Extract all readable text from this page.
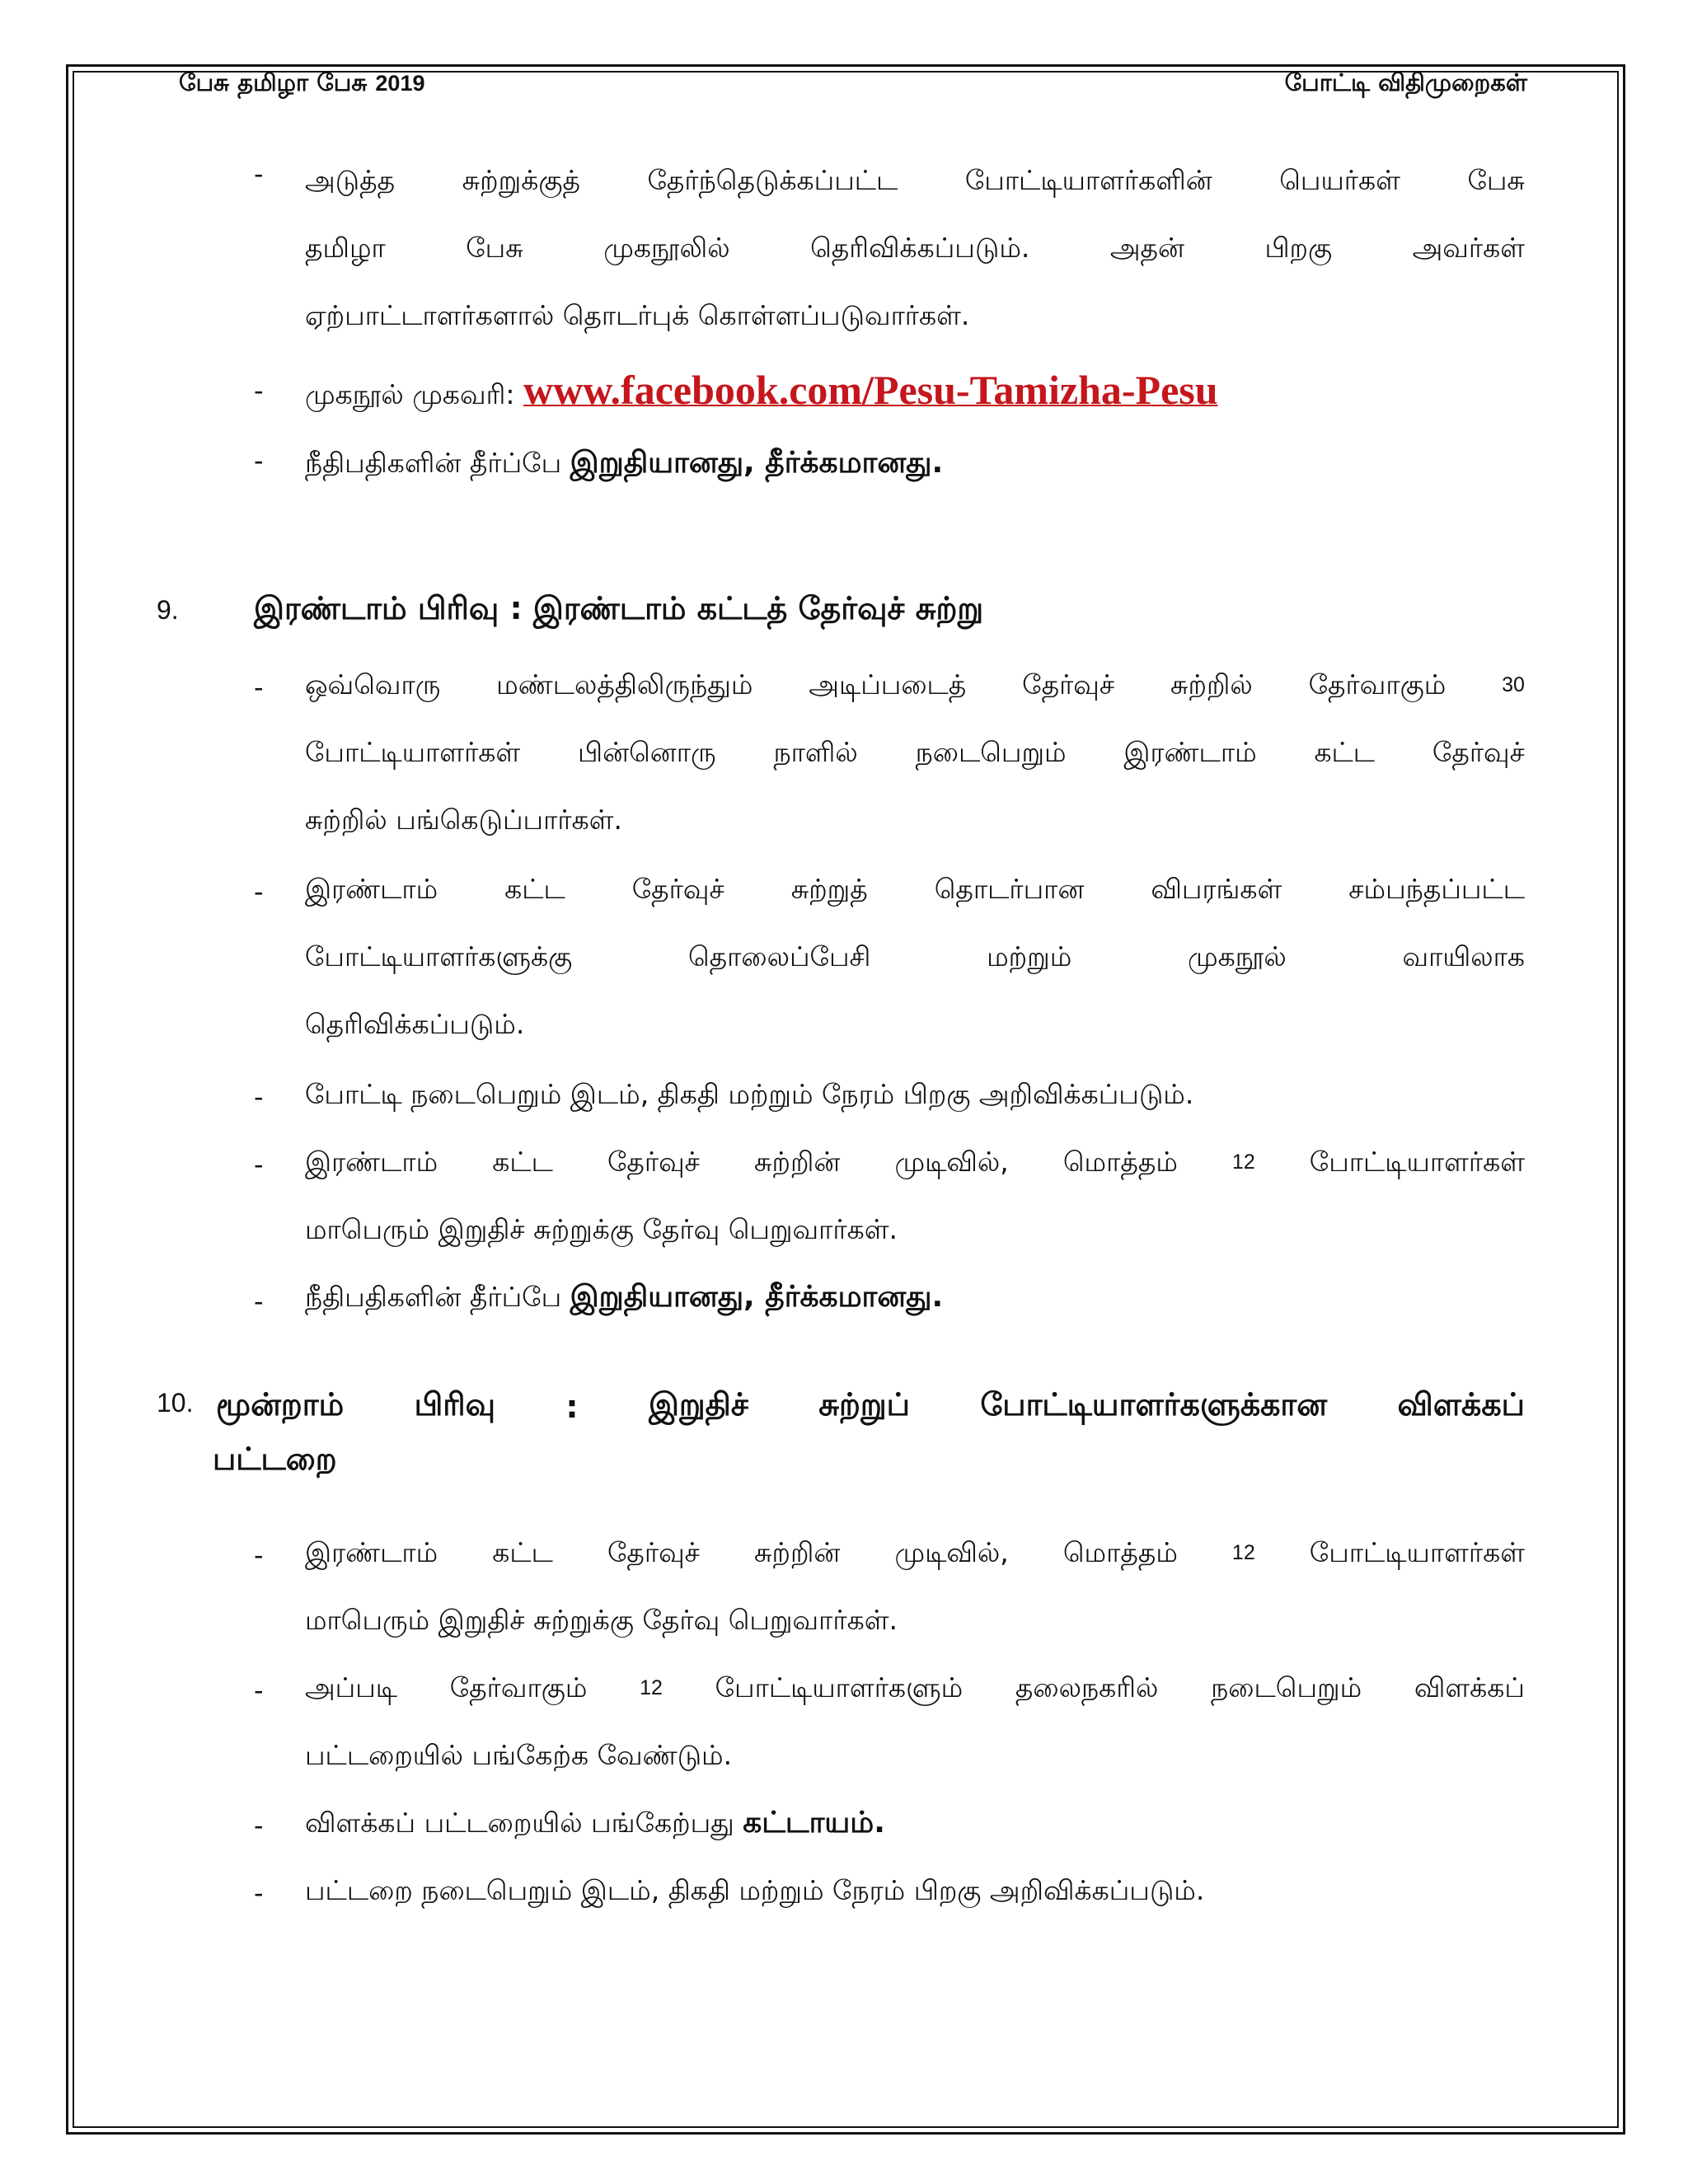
பேசு தமிழா பேசு 2019	போட்டி விதிமுறைகள்
- அடுத்த சுற்றுக்குத் தேர்ந்தெடுக்கப்பட்ட போட்டியாளர்களின் பெயர்கள் பேசு
தமிழா	பேசு	முகநூலில்	தெரிவிக்கப்படும்.	அதன்	பிறகு	அவர்கள்
ஏற்பாட்டாளர்களால் தொடர்புக் கொள்ளப்படுவார்கள்.
- முகநூல் முகவரி: www.facebook.com/Pesu-Tamizha-Pesu
- நீதிபதிகளின் தீர்ப்பே இறுதியானது, தீர்க்கமானது.
9. இரண்டாம் பிரிவு : இரண்டாம் கட்டத் தேர்வுச் சுற்று
- ஒவ்வொரு மண்டலத்திலிருந்தும் அடிப்படைத் தேர்வுச் சுற்றில் தேர்வாகும்	30
போட்டியாளர்கள் பின்னொரு நாளில் நடைபெறும் இரண்டாம் கட்ட தேர்வுச்
சுற்றில் பங்கெடுப்பார்கள்.
- இரண்டாம் கட்ட தேர்வுச் சுற்றுத் தொடர்பான விபரங்கள் சம்பந்தப்பட்ட
போட்டியாளர்களுக்கு	தொலைப்பேசி	மற்றும்	முகநூல்	வாயிலாக
தெரிவிக்கப்படும்.
- போட்டி நடைபெறும் இடம், திகதி மற்றும் நேரம் பிறகு அறிவிக்கப்படும்.
- இரண்டாம் கட்ட தேர்வுச் சுற்றின் முடிவில், மொத்தம்	12 போட்டியாளர்கள்
மாபெரும் இறுதிச் சுற்றுக்கு தேர்வு பெறுவார்கள்.
- நீதிபதிகளின் தீர்ப்பே இறுதியானது, தீர்க்கமானது.
10. மூன்றாம் பிரிவு : இறுதிச் சுற்றுப் போட்டியாளர்களுக்கான விளக்கப்
பட்டறை
- இரண்டாம் கட்ட தேர்வுச் சுற்றின் முடிவில், மொத்தம்	12 போட்டியாளர்கள்
மாபெரும் இறுதிச் சுற்றுக்கு தேர்வு பெறுவார்கள்.
- அப்படி தேர்வாகும்	12 போட்டியாளர்களும் தலைநகரில் நடைபெறும் விளக்கப்
பட்டறையில் பங்கேற்க வேண்டும்.
- விளக்கப் பட்டறையில் பங்கேற்பது கட்டாயம்.
- பட்டறை நடைபெறும் இடம், திகதி மற்றும் நேரம் பிறகு அறிவிக்கப்படும்.
